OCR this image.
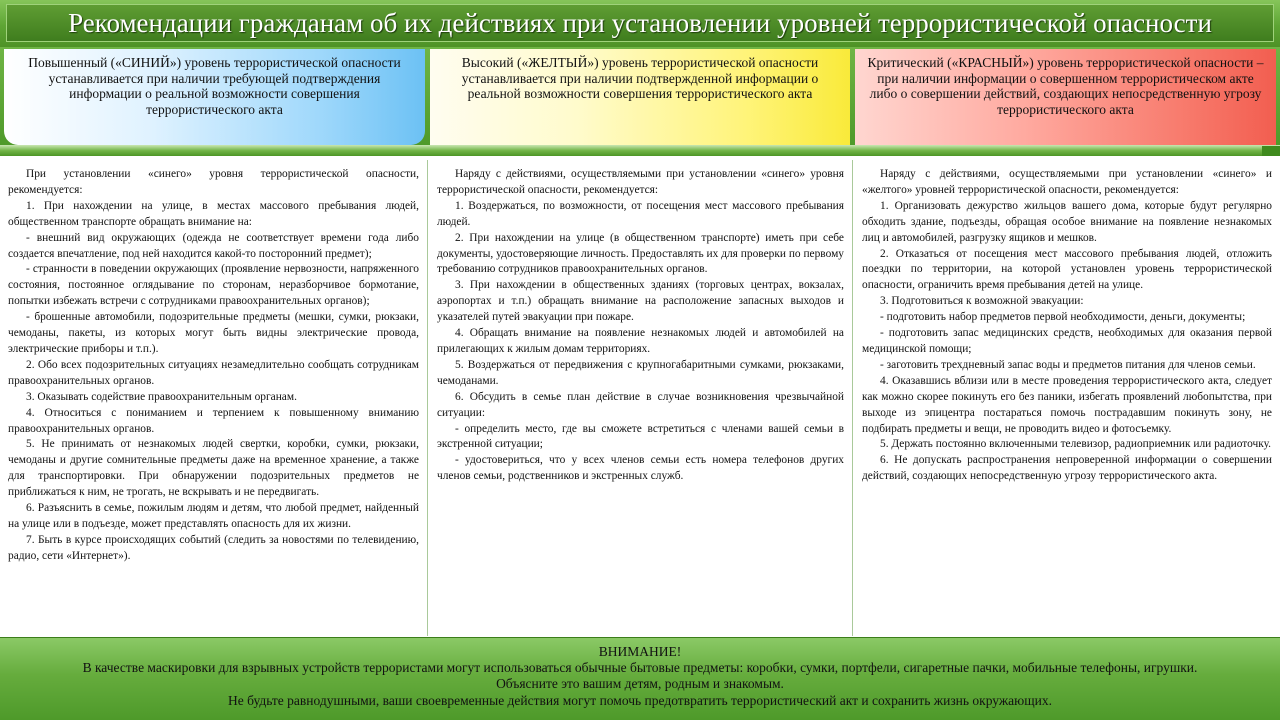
Рекомендации гражданам об их действиях при установлении уровней террористической опасности
Повышенный («СИНИЙ») уровень террористической опасности устанавливается при наличии требующей подтверждения информации о реальной возможности совершения террористического акта
Высокий («ЖЕЛТЫЙ») уровень террористической опасности устанавливается при наличии подтвержденной информации о реальной возможности совершения террористического акта
Критический («КРАСНЫЙ») уровень террористической опасности – при наличии информации о совершенном террористическом акте либо о совершении действий, создающих непосредственную угрозу террористического акта

При установлении «синего» уровня террористической опасности, рекомендуется:

1. При нахождении на улице, в местах массового пребывания людей, общественном транспорте обращать внимание на:

- внешний вид окружающих (одежда не соответствует времени года либо создается впечатление, под ней находится какой-то посторонний предмет);

- странности в поведении окружающих (проявление нервозности, напряженного состояния, постоянное оглядывание по сторонам, неразборчивое бормотание, попытки избежать встречи с сотрудниками правоохранительных органов);

- брошенные автомобили, подозрительные предметы (мешки, сумки, рюкзаки, чемоданы, пакеты, из которых могут быть видны электрические провода, электрические приборы и т.п.).

2. Обо всех подозрительных ситуациях незамедлительно сообщать сотрудникам правоохранительных органов.

3. Оказывать содействие правоохранительным органам.

4. Относиться с пониманием и терпением к повышенному вниманию правоохранительных органов.

5. Не принимать от незнакомых людей свертки, коробки, сумки, рюкзаки, чемоданы и другие сомнительные предметы даже на временное хранение, а также для транспортировки. При обнаружении подозрительных предметов не приближаться к ним, не трогать, не вскрывать и не передвигать.

6. Разъяснить в семье, пожилым людям и детям, что любой предмет, найденный на улице или в подъезде, может представлять опасность для их жизни.

7. Быть в курсе происходящих событий (следить за новостями по телевидению, радио, сети «Интернет»).

Наряду с действиями, осуществляемыми при установлении «синего» уровня террористической опасности, рекомендуется:

1. Воздержаться, по возможности, от посещения мест массового пребывания людей.

2. При нахождении на улице (в общественном транспорте) иметь при себе документы, удостоверяющие личность. Предоставлять их для проверки по первому требованию сотрудников правоохранительных органов.

3. При нахождении в общественных зданиях (торговых центрах, вокзалах, аэропортах и т.п.) обращать внимание на расположение запасных выходов и указателей путей эвакуации при пожаре.

4. Обращать внимание на появление незнакомых людей и автомобилей на прилегающих к жилым домам территориях.

5. Воздержаться от передвижения с крупногабаритными сумками, рюкзаками, чемоданами.

6. Обсудить в семье план действие в случае возникновения чрезвычайной ситуации:

- определить место, где вы сможете встретиться с членами вашей семьи в экстренной ситуации;

- удостовериться, что у всех членов семьи есть номера телефонов других членов семьи, родственников и экстренных служб.

Наряду с действиями, осуществляемыми при установлении «синего» и «желтого» уровней террористической опасности, рекомендуется:

1. Организовать дежурство жильцов вашего дома, которые будут регулярно обходить здание, подъезды, обращая особое внимание на появление незнакомых лиц и автомобилей, разгрузку ящиков и мешков.

2. Отказаться от посещения мест массового пребывания людей, отложить поездки по территории, на которой установлен уровень террористической опасности, ограничить время пребывания детей на улице.

3. Подготовиться к возможной эвакуации:

- подготовить набор предметов первой необходимости, деньги, документы;

- подготовить запас медицинских средств, необходимых для оказания первой медицинской помощи;

- заготовить трехдневный запас воды и предметов питания для членов семьи.

4. Оказавшись вблизи или в месте проведения террористического акта, следует как можно скорее покинуть его без паники, избегать проявлений любопытства, при выходе из эпицентра постараться помочь пострадавшим покинуть зону, не подбирать предметы и вещи, не проводить видео и фотосъемку.

5. Держать постоянно включенными телевизор, радиоприемник или радиоточку.

6. Не допускать распространения непроверенной информации о совершении действий, создающих непосредственную угрозу террористического акта.

ВНИМАНИЕ!
В качестве маскировки для взрывных устройств террористами могут использоваться обычные бытовые предметы: коробки, сумки, портфели, сигаретные пачки, мобильные телефоны, игрушки.
Объясните это вашим детям, родным и знакомым.
Не будьте равнодушными, ваши своевременные действия могут помочь предотвратить террористический акт и сохранить жизнь окружающих.
